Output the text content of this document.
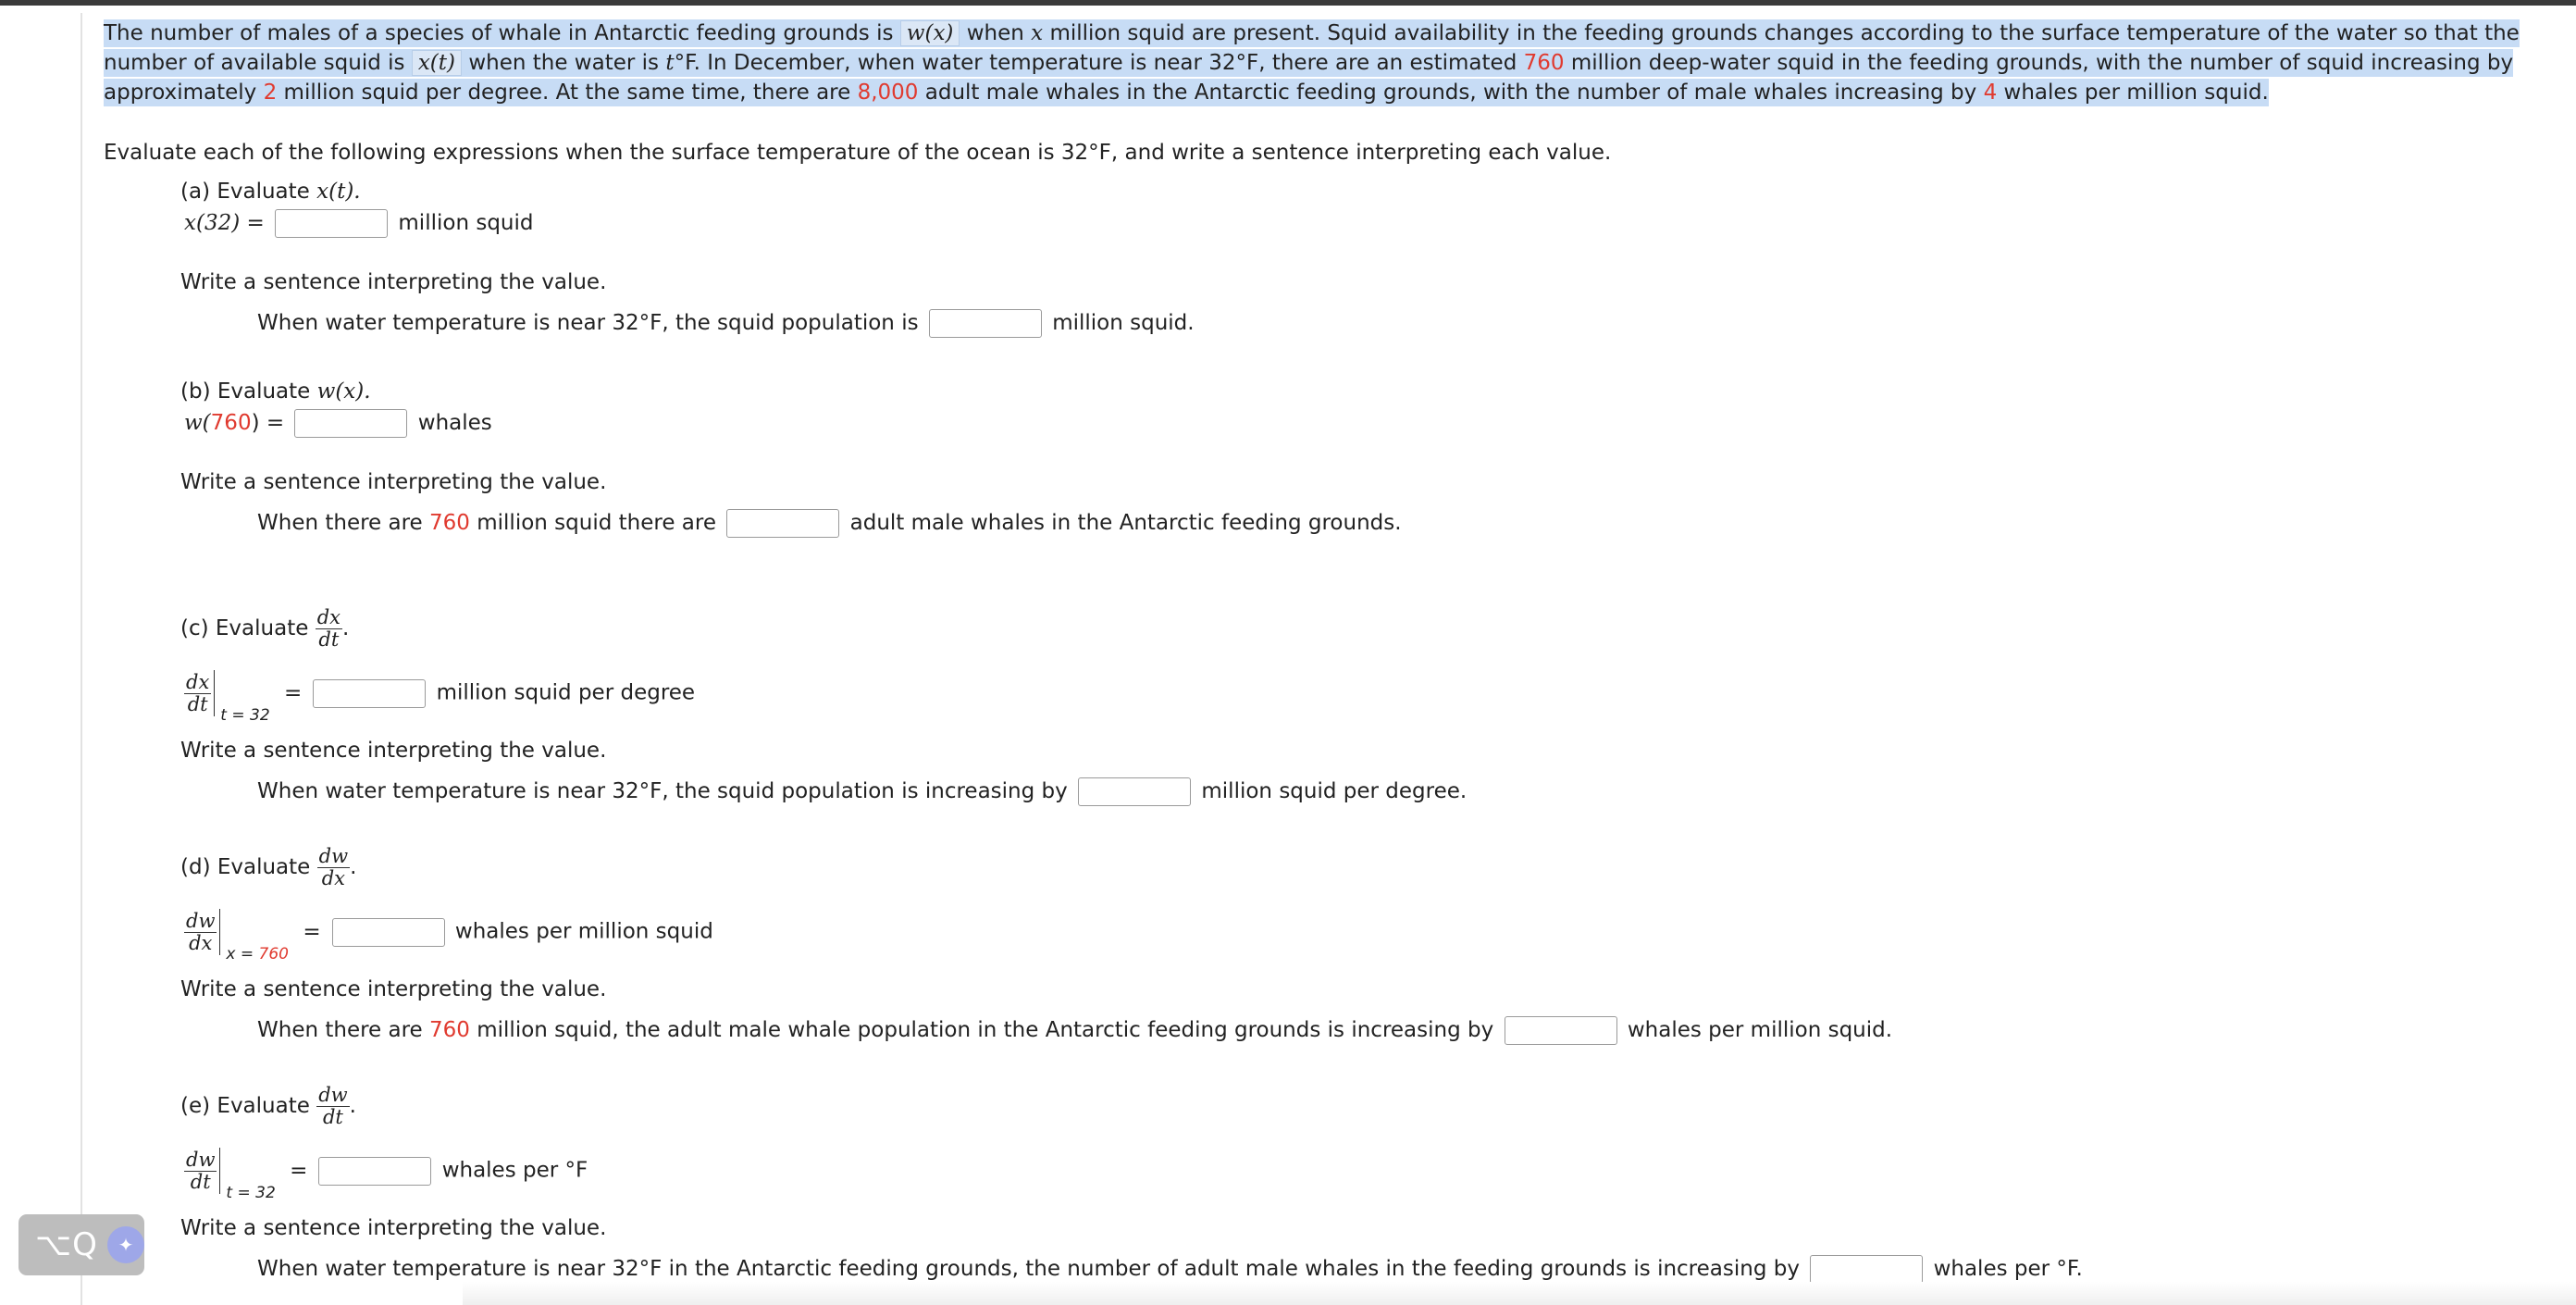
The number of males of a species of whale in Antarctic feeding grounds is w(x) when x million squid are present. Squid availability in the feeding grounds changes according to the surface temperature of the water so that the number of available squid is x(t) when the water is t°F. In December, when water temperature is near 32°F, there are an estimated 760 million deep-water squid in the feeding grounds, with the number of squid increasing by approximately 2 million squid per degree. At the same time, there are 8,000 adult male whales in the Antarctic feeding grounds, with the number of male whales increasing by 4 whales per million squid.
Evaluate each of the following expressions when the surface temperature of the ocean is 32°F, and write a sentence interpreting each value.
(a) Evaluate x(t).
x(32) =	million squid
Write a sentence interpreting the value.
When water temperature is near 32°F, the squid population is	million squid.
(b) Evaluate w(x).
w(760) =	whales
Write a sentence interpreting the value.
When there are 760 million squid there are	adult male whales in the Antarctic feeding grounds.
(c) Evaluate $\frac{dx}{dt}$ .
$\frac{dx}{dt} _{t = 32}$ =	million squid per degree
Write a sentence interpreting the value.
When water temperature is near 32°F, the squid population is increasing by	million squid per degree.
(d) Evaluate $\frac{dw}{dx}$ .
$\frac{dw}{dx} _{x = 760}$ =	whales per million squid
Write a sentence interpreting the value.
When there are 760 million squid, the adult male whale population in the Antarctic feeding grounds is increasing by	whales per million squid.
(e) Evaluate $\frac{dw}{dt}$ .
$\frac{dw}{dt} _{t = 32}$ =	whales per °F
Write a sentence interpreting the value.
When water temperature is near 32°F in the Antarctic feeding grounds, the number of adult male whales in the feeding grounds is increasing by	whales per °F.
⌥Q	✦
